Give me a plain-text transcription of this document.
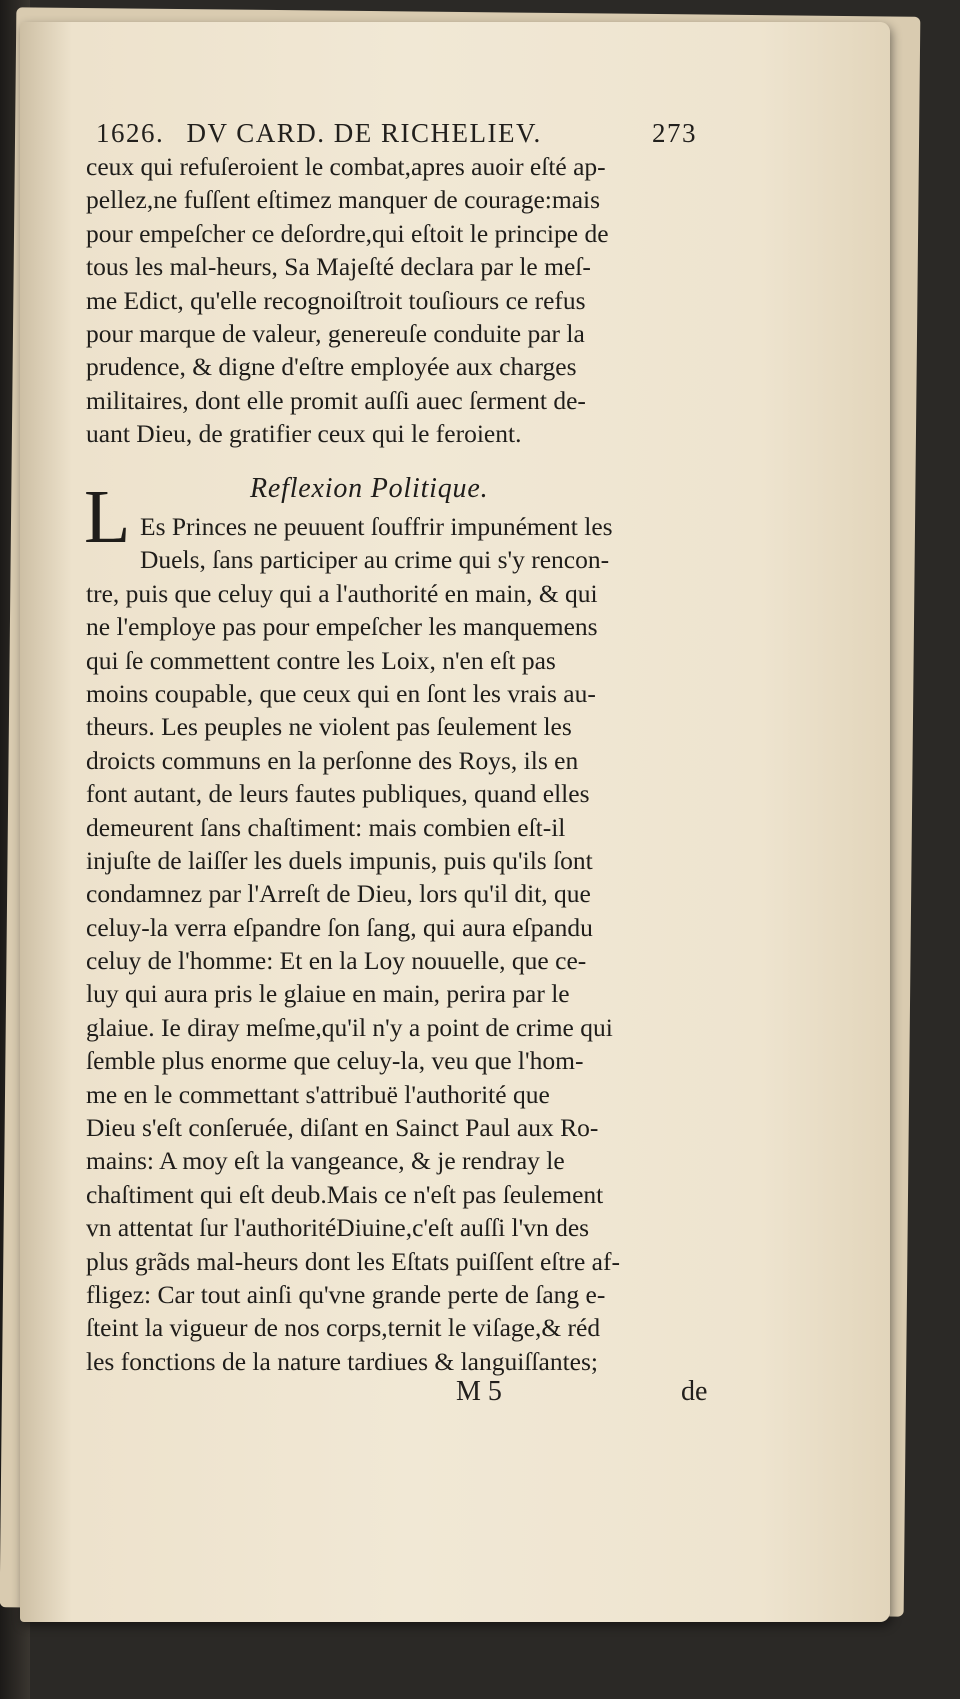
1626. DV CARD. DE RICHELIEV.	273
ceux qui refuſeroient le combat,apres auoir eſté ap-
pellez,ne fuſſent eſtimez manquer de courage:mais
pour empeſcher ce deſordre,qui eſtoit le principe de
tous les mal-heurs, Sa Majeſté declara par le meſ-
me Edict, qu'elle recognoiſtroit touſiours ce refus
pour marque de valeur, genereuſe conduite par la
prudence, & digne d'eſtre employée aux charges
militaires, dont elle promit auſſi auec ſerment de-
uant Dieu, de gratifier ceux qui le feroient.
Reflexion Politique.
L Es Princes ne peuuent ſouffrir impunément les
Duels, ſans participer au crime qui s'y rencon-
tre, puis que celuy qui a l'authorité en main, & qui
ne l'employe pas pour empeſcher les manquemens
qui ſe commettent contre les Loix, n'en eſt pas
moins coupable, que ceux qui en ſont les vrais au-
theurs. Les peuples ne violent pas ſeulement les
droicts communs en la perſonne des Roys, ils en
font autant, de leurs fautes publiques, quand elles
demeurent ſans chaſtiment: mais combien eſt-il
injuſte de laiſſer les duels impunis, puis qu'ils ſont
condamnez par l'Arreſt de Dieu, lors qu'il dit, que
celuy-la verra eſpandre ſon ſang, qui aura eſpandu
celuy de l'homme: Et en la Loy nouuelle, que ce-
luy qui aura pris le glaiue en main, perira par le
glaiue. Ie diray meſme,qu'il n'y a point de crime qui
ſemble plus enorme que celuy-la, veu que l'hom-
me en le commettant s'attribuë l'authorité que
Dieu s'eſt conſeruée, diſant en Sainct Paul aux Ro-
mains: A moy eſt la vangeance, & je rendray le
chaſtiment qui eſt deub.Mais ce n'eſt pas ſeulement
vn attentat ſur l'authoritéDiuine,c'eſt auſſi l'vn des
plus grãds mal-heurs dont les Eſtats puiſſent eſtre af-
fligez: Car tout ainſi qu'vne grande perte de ſang e-
ſteint la vigueur de nos corps,ternit le viſage,& réd
les fonctions de la nature tardiues & languiſſantes;
M 5	de
